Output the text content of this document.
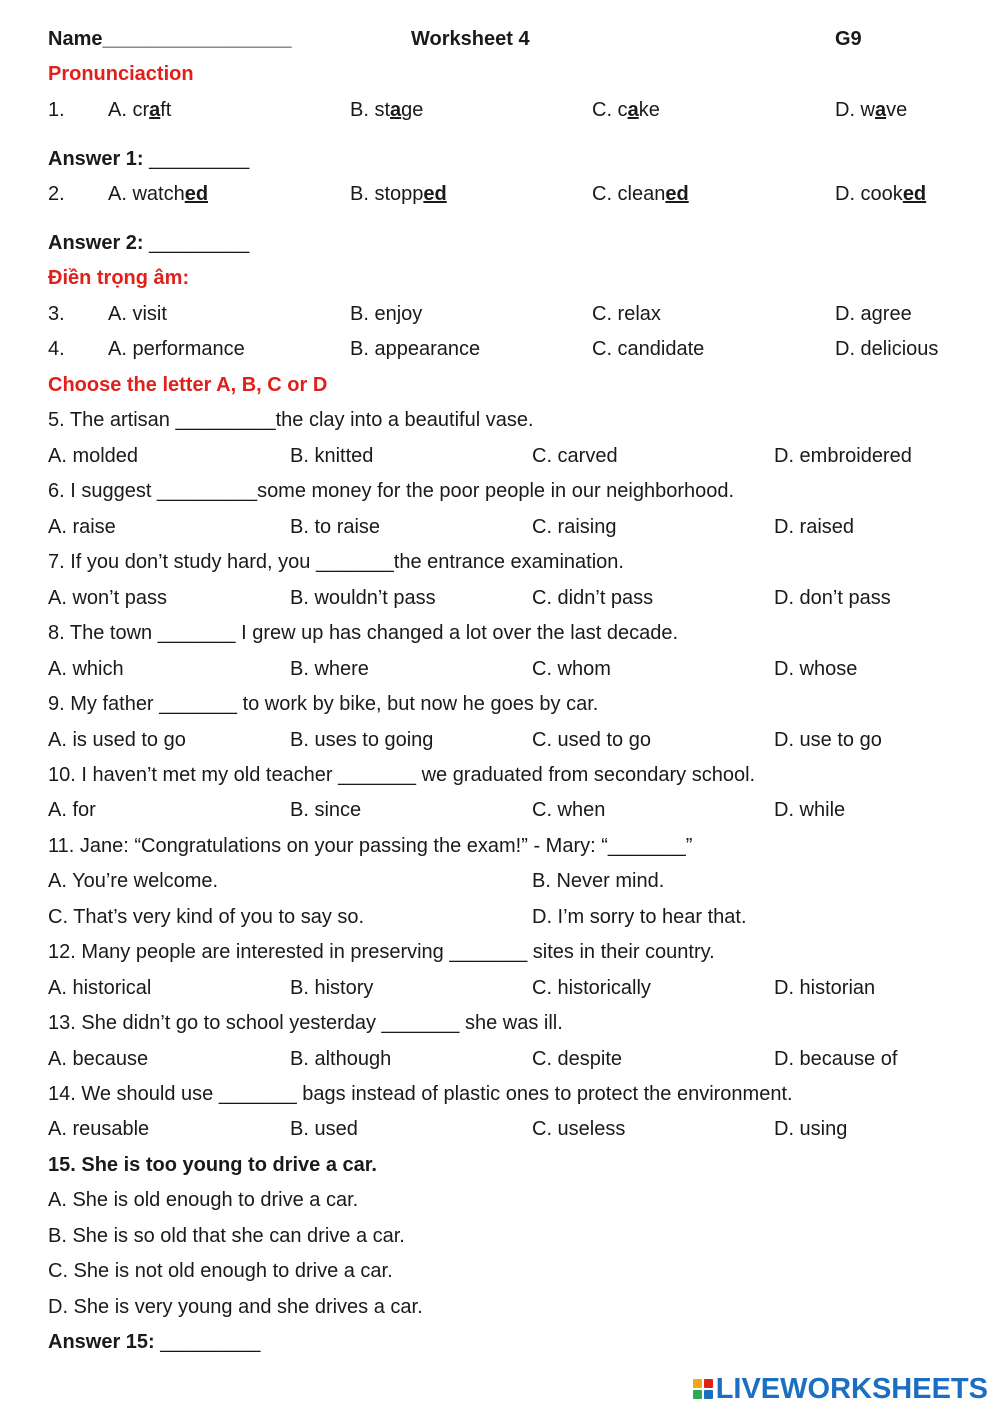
Name_________________	Worksheet 4	G9
Pronunciaction
1. A. craft	B. stage	C. cake	D. wave
Answer 1: _________
2. A. watched	B. stopped	C. cleaned	D. cooked
Answer 2: _________
Điền trọng âm:
3. A. visit	B. enjoy	C. relax	D. agree
4. A. performance	B. appearance	C. candidate	D. delicious
Choose the letter A, B, C or D
5. The artisan _________the clay into a beautiful vase.
A. molded	B. knitted	C. carved	D. embroidered
6. I suggest _________some money for the poor people in our neighborhood.
A. raise	B. to raise	C. raising	D. raised
7. If you don’t study hard, you _______the entrance examination.
A. won’t pass	B. wouldn’t pass	C. didn’t pass	D. don’t pass
8. The town _______ I grew up has changed a lot over the last decade.
A. which	B. where	C. whom	D. whose
9. My father _______ to work by bike, but now he goes by car.
A. is used to go	B. uses to going	C. used to go	D. use to go
10. I haven’t met my old teacher _______ we graduated from secondary school.
A. for	B. since	C. when	D. while
11. Jane: “Congratulations on your passing the exam!” - Mary: “_______”
A. You’re welcome.	B. Never mind.
C. That’s very kind of you to say so.	D. I’m sorry to hear that.
12. Many people are interested in preserving _______ sites in their country.
A. historical	B. history	C. historically	D. historian
13. She didn’t go to school yesterday _______ she was ill.
A. because	B. although	C. despite	D. because of
14. We should use _______ bags instead of plastic ones to protect the environment.
A. reusable	B. used	C. useless	D. using
15. She is too young to drive a car.
A. She is old enough to drive a car.
B. She is so old that she can drive a car.
C. She is not old enough to drive a car.
D. She is very young and she drives a car.
Answer 15: _________
LIVEWORKSHEETS
